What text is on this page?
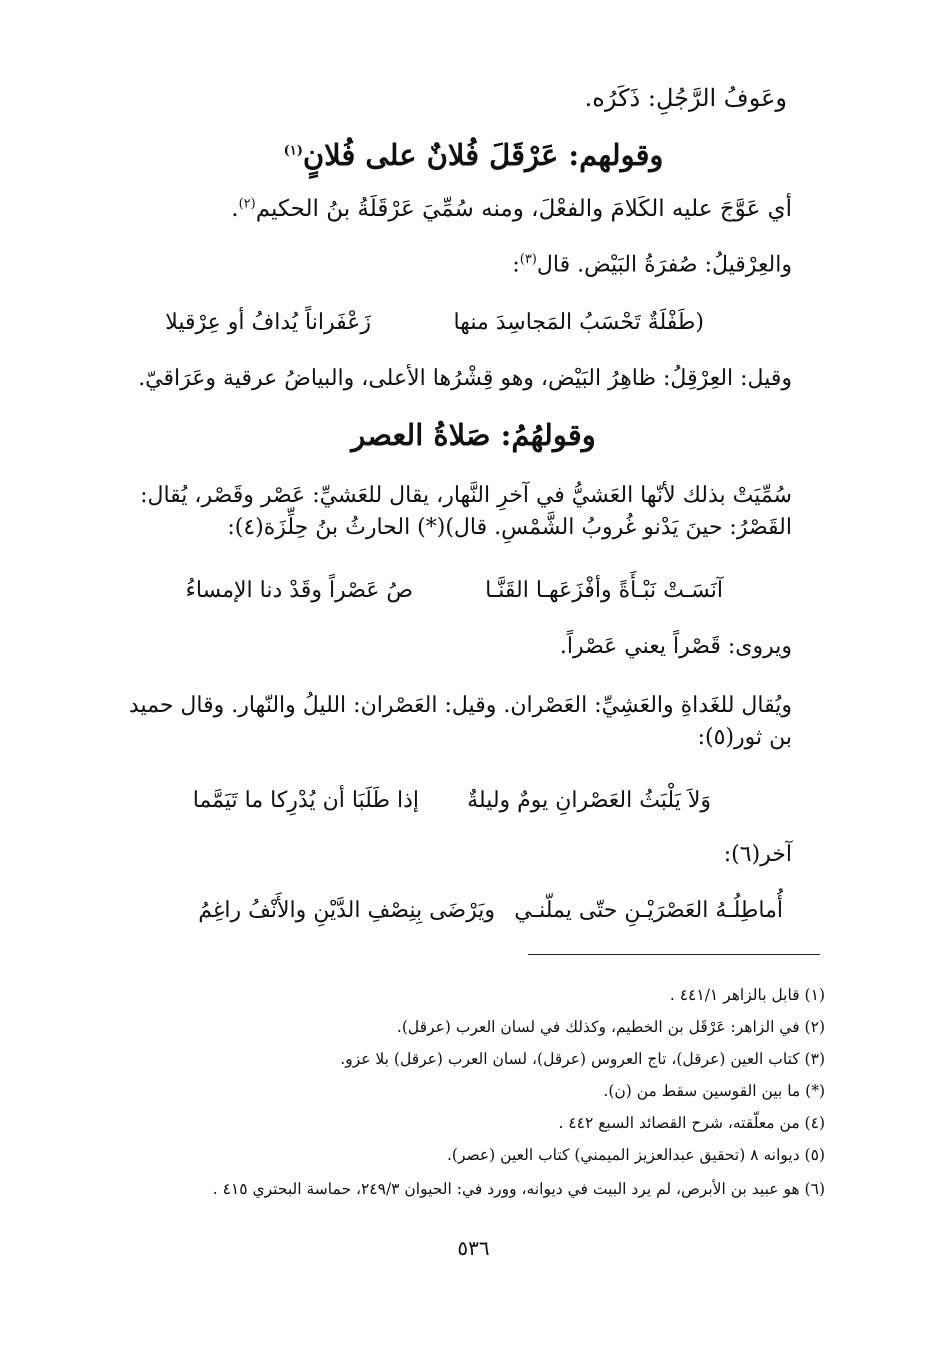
وعَوفُ الرَّجُلِ: ذَكَرُه.
وقولهم: عَرْقَلَ فُلانٌ على فُلانٍ$^{(١)}$
أي عَوَّجَ عليه الكَلامَ والفعْلَ، ومنه سُمِّيَ عَرْقَلَةُ بنُ الحكيم$^{(٢)}$.
والعِرْقيلُ: صُفرَةُ البَيْض. قال$^{(٣)}$:
(طَفْلَةٌ تَحْسَبُ المَجاسِدَ منها
زَعْفَراناً يُدافُ أو عِرْقيلا
وقيل: العِرْقِلُ: ظاهِرُ البَيْض، وهو قِشْرُها الأعلى، والبياضُ عرقية وعَرَاقيّ.
وقولهُمُ: صَلاةُ العصر
سُمِّيَتْ بذلك لأنّها العَشيُّ في آخرِ النَّهار، يقال للعَشيِّ: عَصْر وقَصْر، يُقال: القَصْرُ: حينَ يَدْنو غُروبُ الشَّمْسِ. قال)(*) الحارثُ بنُ حِلِّزَة(٤):
آنَسَـتْ نَبْـأَةً وأفْزَعَهـا القَنَّـا
صُ عَصْراً وقَدْ دنا الإمساءُ
ويروى: قَصْراً يعني عَصْراً.
ويُقال للغَداةِ والعَشِيِّ: العَصْران. وقيل: العَصْران: الليلُ والنّهار. وقال حميد بن ثور(٥):
وَلاَ يَلْبَثُ العَصْرانِ يومٌ وليلةٌ
إذا طَلَبَا أن يُدْرِكا ما تَيَمَّما
آخر(٦):
أُماطِلُـهُ العَصْرَيْـنِ حتّى يملّنـي
ويَرْضَى بِنِصْفِ الدَّيْنِ والأَنْفُ راغِمُ
(١) قابل بالزاهر ٤٤١/١ .
(٢) في الزاهر: عَرْقَل بن الخطيم، وكذلك في لسان العرب (عرقل).
(٣) كتاب العين (عرقل)، تاج العروس (عرقل)، لسان العرب (عرقل) بلا عزو.
(*) ما بين القوسين سقط من (ن).
(٤) من معلّقته، شرح القصائد السبع ٤٤٢ .
(٥) ديوانه ٨ (تحقيق عبدالعزيز الميمني) كتاب العين (عصر).
(٦) هو عبيد بن الأبرص، لم يرد البيت في ديوانه، وورد في: الحيوان ٢٤٩/٣، حماسة البحتري ٤١٥ .
٥٣٦
